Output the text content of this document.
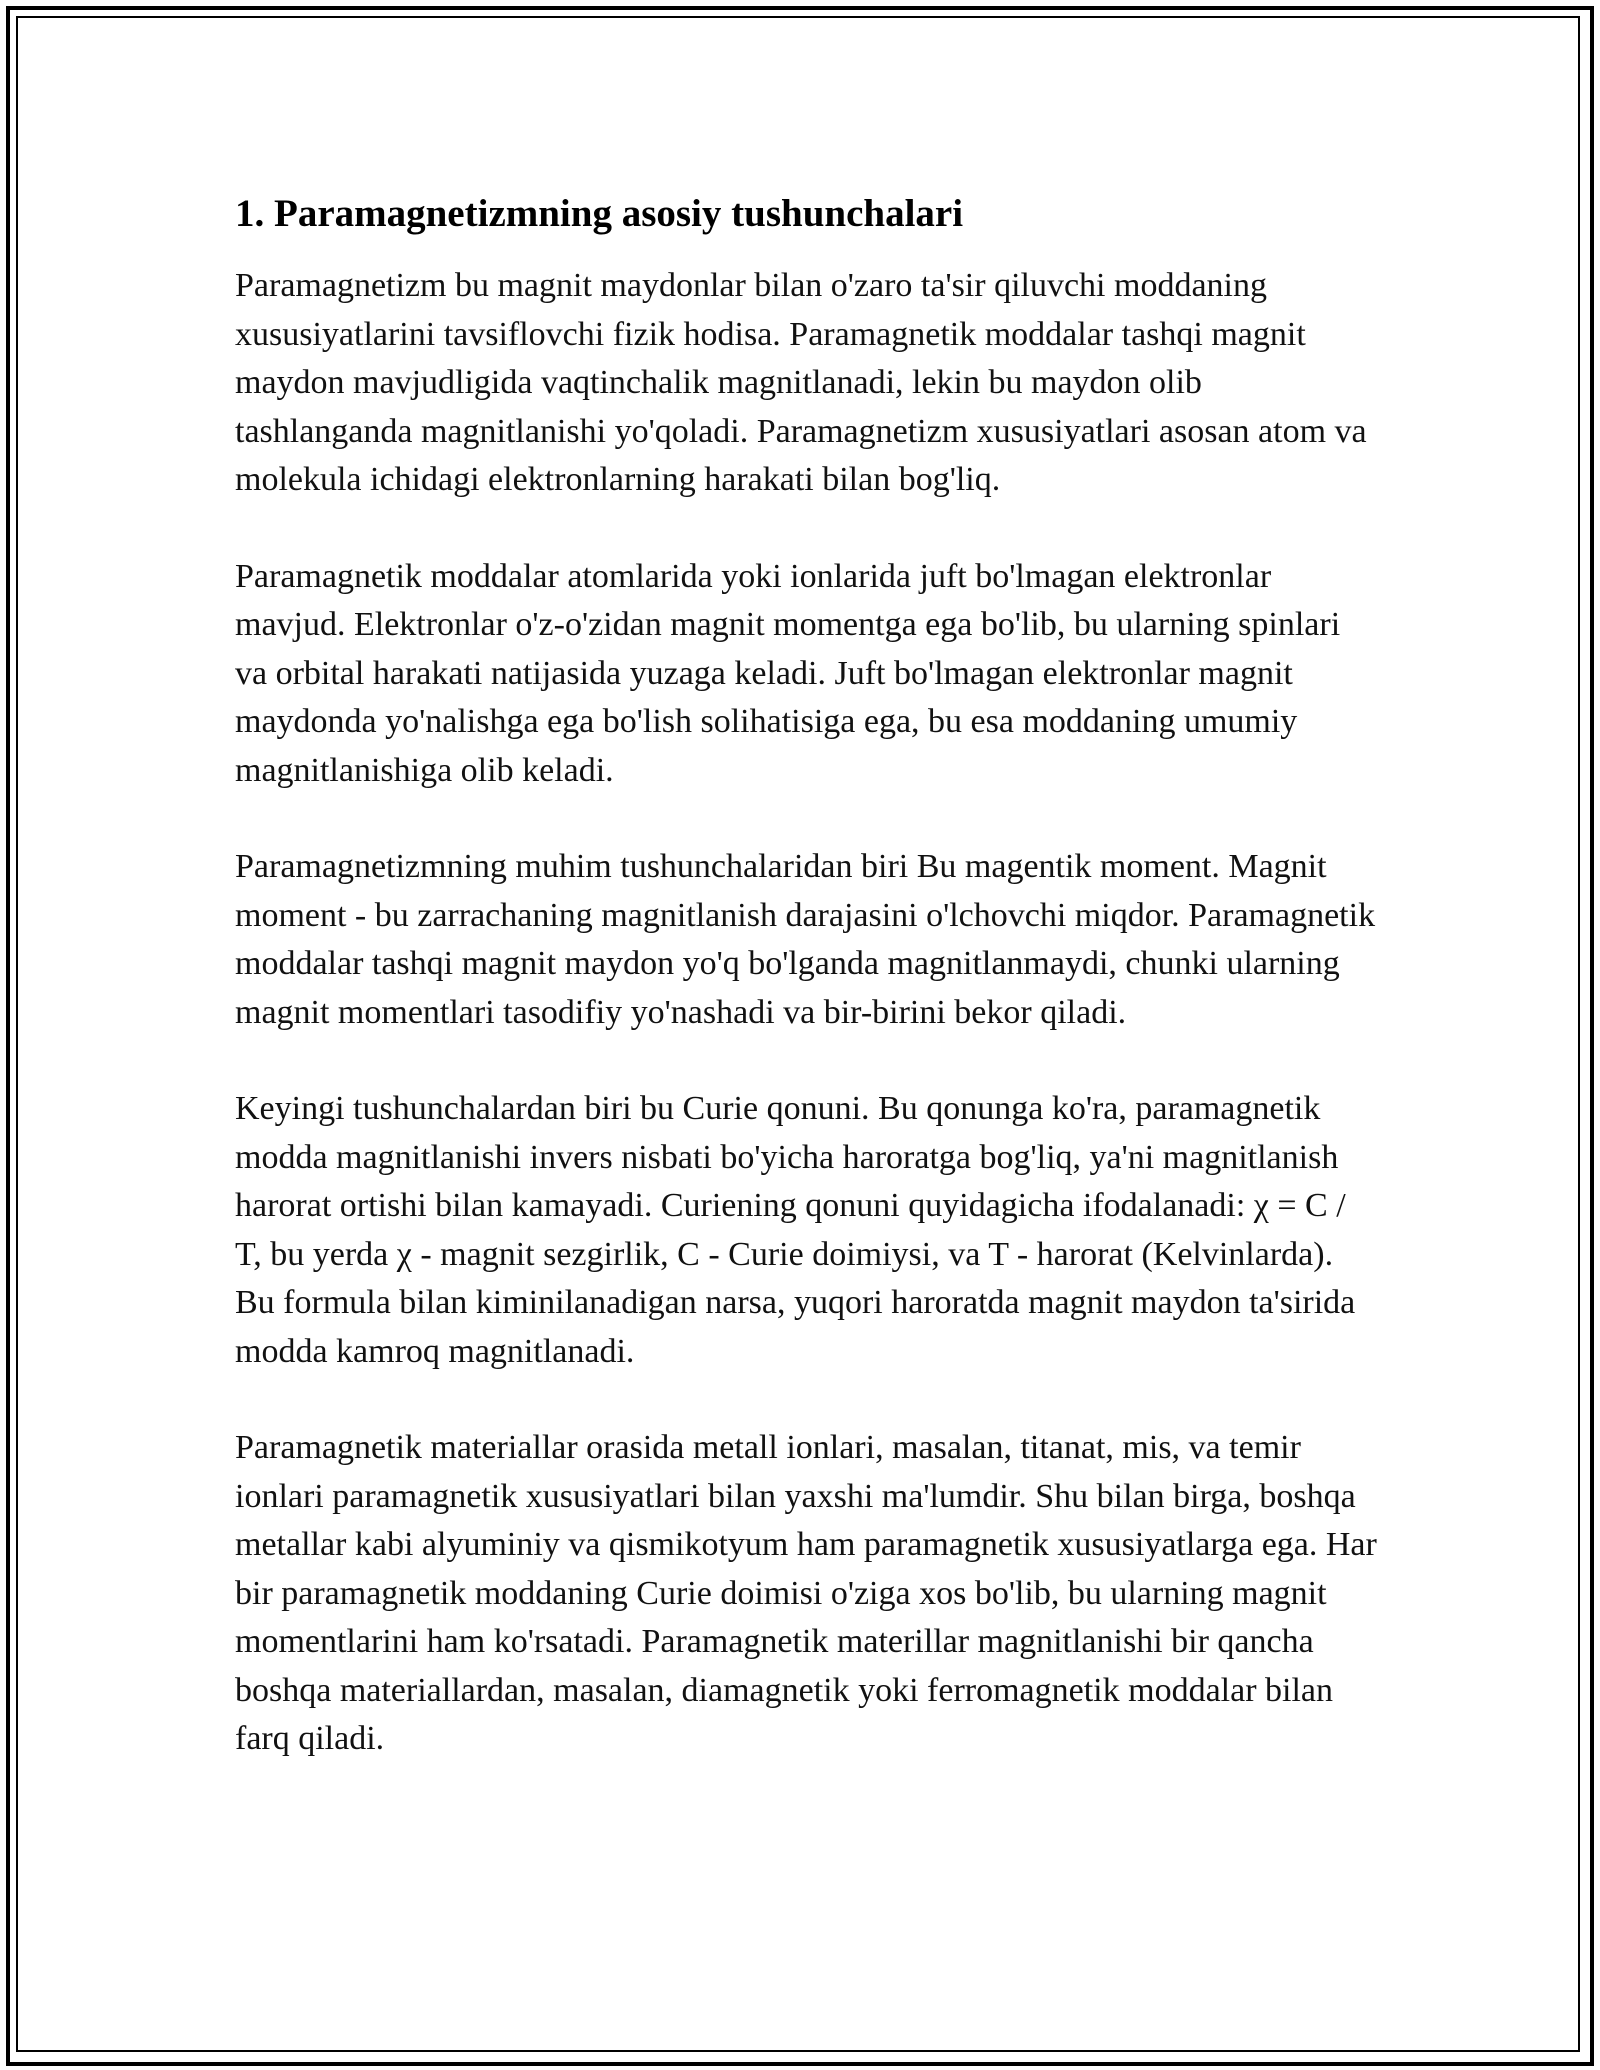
1. Paramagnetizmning asosiy tushunchalari

Paramagnetizm bu magnit maydonlar bilan o'zaro ta'sir qiluvchi moddaning xususiyatlarini tavsiflovchi fizik hodisa. Paramagnetik moddalar tashqi magnit maydon mavjudligida vaqtinchalik magnitlanadi, lekin bu maydon olib tashlanganda magnitlanishi yo'qoladi. Paramagnetizm xususiyatlari asosan atom va molekula ichidagi elektronlarning harakati bilan bog'liq.

Paramagnetik moddalar atomlarida yoki ionlarida juft bo'lmagan elektronlar mavjud. Elektronlar o'z-o'zidan magnit momentga ega bo'lib, bu ularning spinlari va orbital harakati natijasida yuzaga keladi. Juft bo'lmagan elektronlar magnit maydonda yo'nalishga ega bo'lish solihatisiga ega, bu esa moddaning umumiy magnitlanishiga olib keladi.

Paramagnetizmning muhim tushunchalaridan biri Bu magentik moment. Magnit moment - bu zarrachaning magnitlanish darajasini o'lchovchi miqdor. Paramagnetik moddalar tashqi magnit maydon yo'q bo'lganda magnitlanmaydi, chunki ularning magnit momentlari tasodifiy yo'nashadi va bir-birini bekor qiladi.

Keyingi tushunchalardan biri bu Curie qonuni. Bu qonunga ko'ra, paramagnetik modda magnitlanishi invers nisbati bo'yicha haroratga bog'liq, ya'ni magnitlanish harorat ortishi bilan kamayadi. Curiening qonuni quyidagicha ifodalanadi: χ = C / T, bu yerda χ - magnit sezgirlik, C - Curie doimiysi, va T - harorat (Kelvinlarda). Bu formula bilan kiminilanadigan narsa, yuqori haroratda magnit maydon ta'sirida modda kamroq magnitlanadi.

Paramagnetik materiallar orasida metall ionlari, masalan, titanat, mis, va temir ionlari paramagnetik xususiyatlari bilan yaxshi ma'lumdir. Shu bilan birga, boshqa metallar kabi alyuminiy va qismikotyum ham paramagnetik xususiyatlarga ega. Har bir paramagnetik moddaning Curie doimisi o'ziga xos bo'lib, bu ularning magnit momentlarini ham ko'rsatadi. Paramagnetik materillar magnitlanishi bir qancha boshqa materiallardan, masalan, diamagnetik yoki ferromagnetik moddalar bilan farq qiladi.
